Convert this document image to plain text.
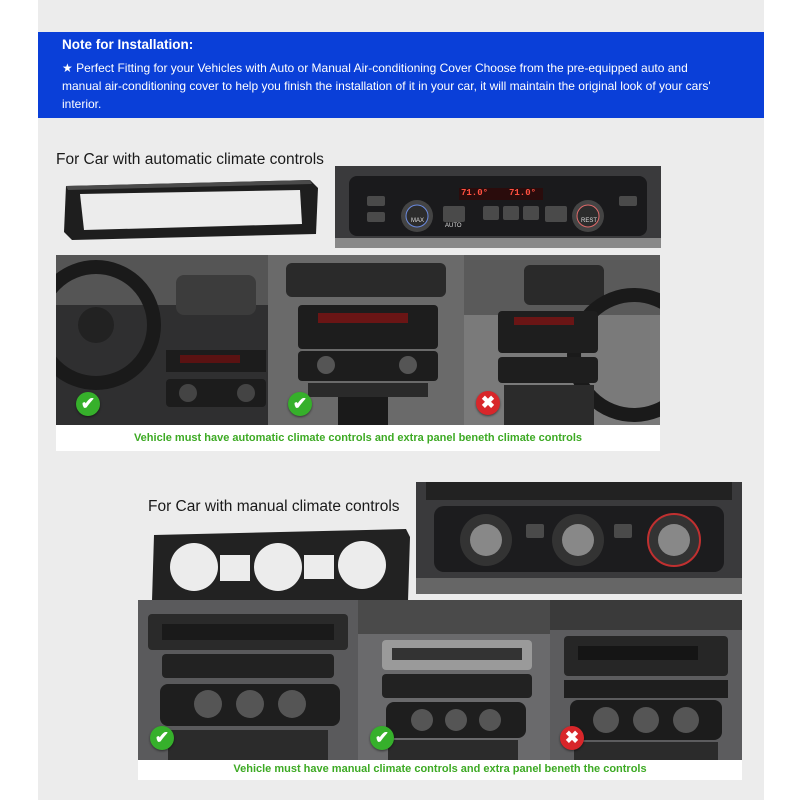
Note for Installation:
★ Perfect Fitting for your Vehicles with Auto or Manual Air-conditioning Cover Choose from the pre-equipped auto and manual air-conditioning cover to help you finish the installation of it in your car, it will maintain the original look of your cars' interior.
For Car with automatic climate controls
71.0° 71.0°
MAX
AUTO
REST
✔	✔	✖
Vehicle must have automatic climate controls and extra panel beneth climate controls
For Car with manual climate controls
✔	✔	✖
Vehicle must have manual climate controls and extra panel beneth the controls
